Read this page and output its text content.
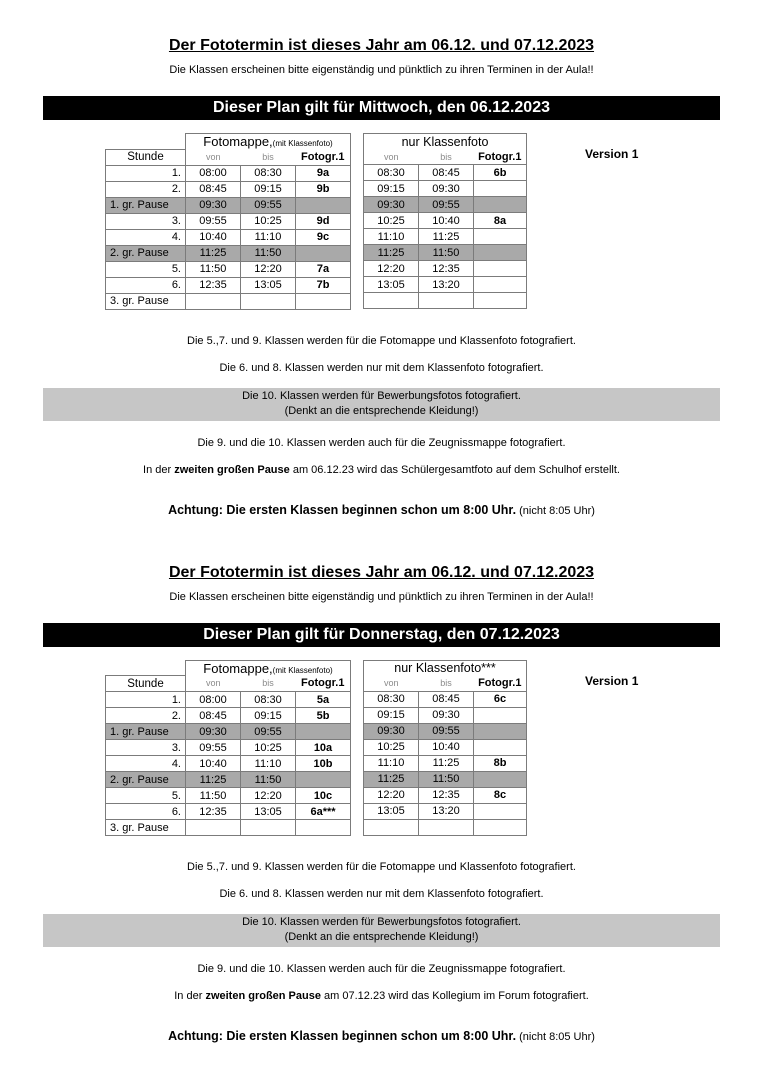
Der Fototermin ist dieses Jahr am 06.12. und 07.12.2023

Die Klassen erscheinen bitte eigenständig und pünktlich zu ihren Terminen in der Aula!!

Dieser Plan gilt für Mittwoch, den 06.12.2023
	Fotomappe,(mit Klassenfoto)		
Stunde	von	bis	Fotogr.1
1.	08:00	08:30	9a
2.	08:45	09:15	9b
1. gr. Pause	09:30	09:55	
3.	09:55	10:25	9d
4.	10:40	11:10	9c
2. gr. Pause	11:25	11:50	
5.	11:50	12:20	7a
6.	12:35	13:05	7b
3. gr. Pause			
nur Klassenfoto		
von	bis	Fotogr.1
08:30	08:45	6b
09:15	09:30	
09:30	09:55	
10:25	10:40	8a
11:10	11:25	
11:25	11:50	
12:20	12:35	
13:05	13:20	

Version 1

Die 5.,7. und 9. Klassen werden für die Fotomappe und Klassenfoto fotografiert.

Die 6. und 8. Klassen werden nur mit dem Klassenfoto fotografiert.

Die 10. Klassen werden für Bewerbungsfotos fotografiert.
(Denkt an die entsprechende Kleidung!)

Die 9. und die 10. Klassen werden auch für die Zeugnissmappe fotografiert.

In der zweiten großen Pause am 06.12.23 wird das Schülergesamtfoto auf dem Schulhof erstellt.

Achtung: Die ersten Klassen beginnen schon um 8:00 Uhr. (nicht 8:05 Uhr)

Der Fototermin ist dieses Jahr am 06.12. und 07.12.2023

Die Klassen erscheinen bitte eigenständig und pünktlich zu ihren Terminen in der Aula!!

Dieser Plan gilt für Donnerstag, den 07.12.2023
	Fotomappe,(mit Klassenfoto)		
Stunde	von	bis	Fotogr.1
1.	08:00	08:30	5a
2.	08:45	09:15	5b
1. gr. Pause	09:30	09:55	
3.	09:55	10:25	10a
4.	10:40	11:10	10b
2. gr. Pause	11:25	11:50	
5.	11:50	12:20	10c
6.	12:35	13:05	6a***
3. gr. Pause			
nur Klassenfoto***		
von	bis	Fotogr.1
08:30	08:45	6c
09:15	09:30	
09:30	09:55	
10:25	10:40	
11:10	11:25	8b
11:25	11:50	
12:20	12:35	8c
13:05	13:20	

Version 1

Die 5.,7. und 9. Klassen werden für die Fotomappe und Klassenfoto fotografiert.

Die 6. und 8. Klassen werden nur mit dem Klassenfoto fotografiert.

Die 10. Klassen werden für Bewerbungsfotos fotografiert.
(Denkt an die entsprechende Kleidung!)

Die 9. und die 10. Klassen werden auch für die Zeugnissmappe fotografiert.

In der zweiten großen Pause am 07.12.23 wird das Kollegium im Forum fotografiert.

Achtung: Die ersten Klassen beginnen schon um 8:00 Uhr. (nicht 8:05 Uhr)
